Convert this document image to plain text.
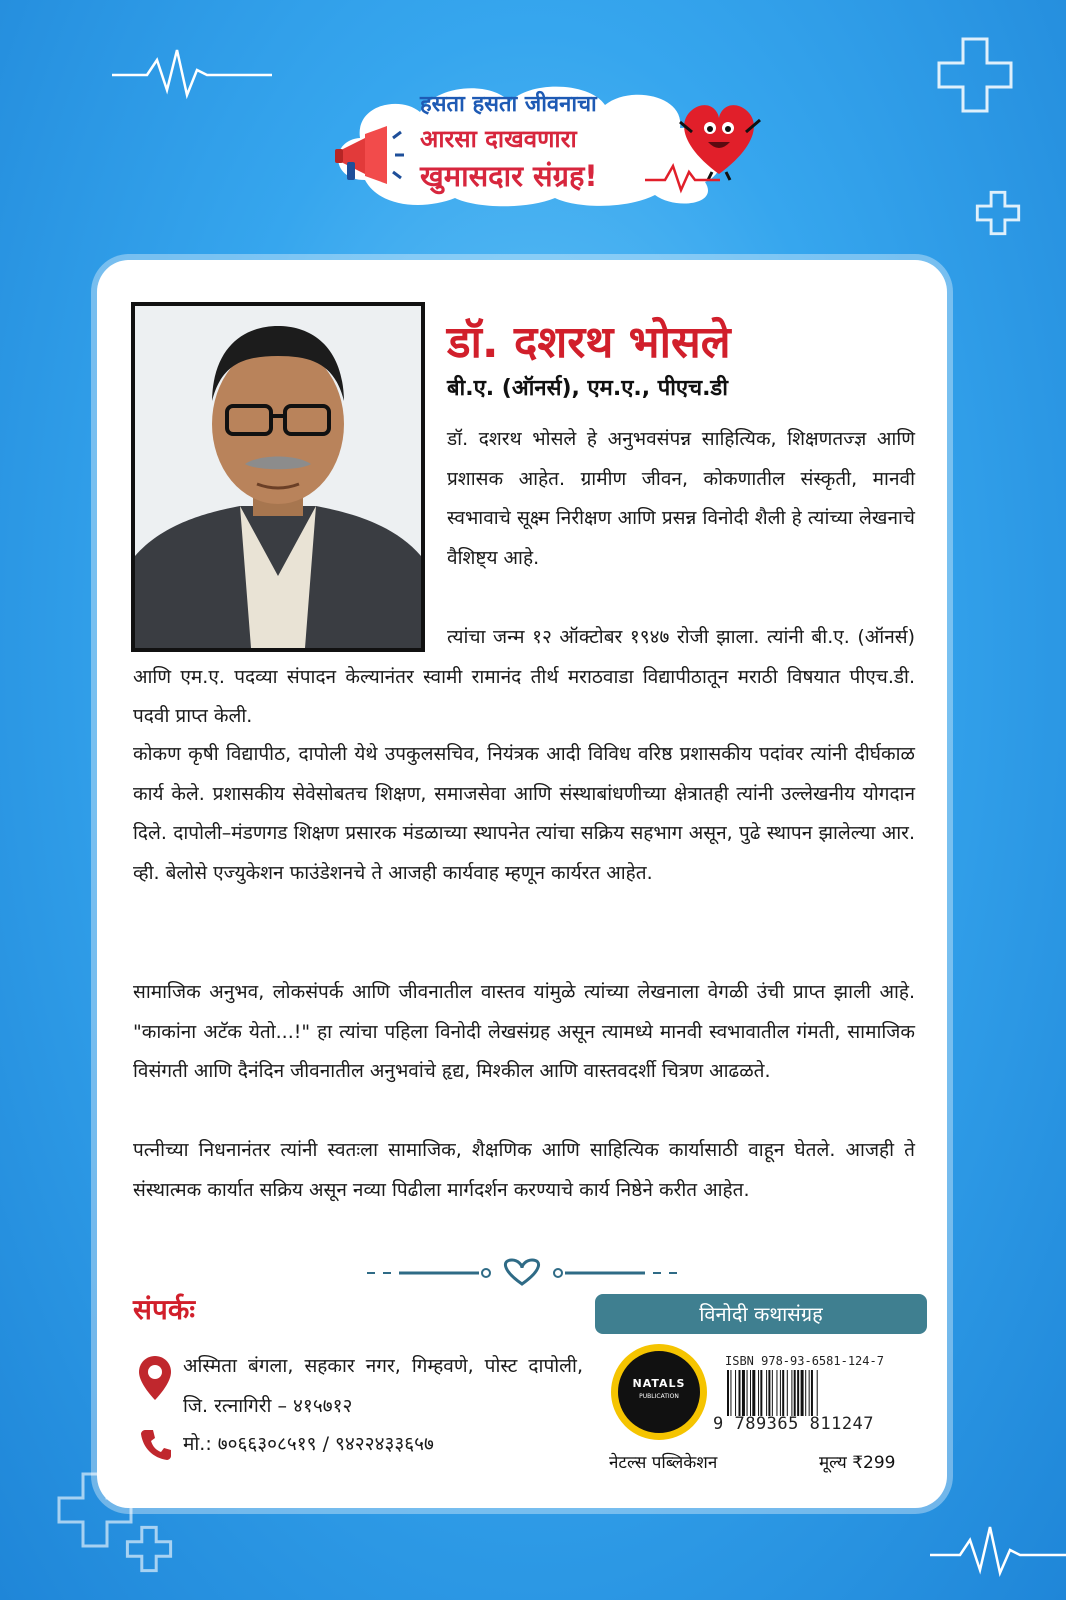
हसता हसता जीवनाचा
आरसा दाखवणारा
खुमासदार संग्रह!
डॉ. दशरथ भोसले
बी.ए. (ऑनर्स), एम.ए., पीएच.डी

डॉ. दशरथ भोसले हे अनुभवसंपन्न साहित्यिक, शिक्षणतज्ज्ञ आणि प्रशासक आहेत. ग्रामीण जीवन, कोकणातील संस्कृती, मानवी स्वभावाचे सूक्ष्म निरीक्षण आणि प्रसन्न विनोदी शैली हे त्यांच्या लेखनाचे वैशिष्ट्य आहे.

त्यांचा जन्म १२ ऑक्टोबर १९४७ रोजी झाला. त्यांनी बी.ए. (ऑनर्स) आणि एम.ए. पदव्या संपादन केल्यानंतर स्वामी रामानंद तीर्थ मराठवाडा विद्यापीठातून मराठी विषयात पीएच.डी. पदवी प्राप्त केली.

कोकण कृषी विद्यापीठ, दापोली येथे उपकुलसचिव, नियंत्रक आदी विविध वरिष्ठ प्रशासकीय पदांवर त्यांनी दीर्घकाळ कार्य केले. प्रशासकीय सेवेसोबतच शिक्षण, समाजसेवा आणि संस्थाबांधणीच्या क्षेत्रातही त्यांनी उल्लेखनीय योगदान दिले. दापोली–मंडणगड शिक्षण प्रसारक मंडळाच्या स्थापनेत त्यांचा सक्रिय सहभाग असून, पुढे स्थापन झालेल्या आर. व्ही. बेलोसे एज्युकेशन फाउंडेशनचे ते आजही कार्यवाह म्हणून कार्यरत आहेत.

सामाजिक अनुभव, लोकसंपर्क आणि जीवनातील वास्तव यांमुळे त्यांच्या लेखनाला वेगळी उंची प्राप्त झाली आहे. "काकांना अटॅक येतो...!" हा त्यांचा पहिला विनोदी लेखसंग्रह असून त्यामध्ये मानवी स्वभावातील गंमती, सामाजिक विसंगती आणि दैनंदिन जीवनातील अनुभवांचे हृद्य, मिश्कील आणि वास्तवदर्शी चित्रण आढळते.

पत्नीच्या निधनानंतर त्यांनी स्वतःला सामाजिक, शैक्षणिक आणि साहित्यिक कार्यासाठी वाहून घेतले. आजही ते संस्थात्मक कार्यात सक्रिय असून नव्या पिढीला मार्गदर्शन करण्याचे कार्य निष्ठेने करीत आहेत.

संपर्कः
अस्मिता बंगला, सहकार नगर, गिम्हवणे, पोस्ट दापोली, जि. रत्नागिरी – ४१५७१२
मो.: ७०६६३०८५१९ / ९४२२४३३६५७
विनोदी कथासंग्रह
NATALS
PUBLICATION
ISBN 978-93-6581-124-7
9 789365 811247
नेटल्स पब्लिकेशन	मूल्य ₹299
